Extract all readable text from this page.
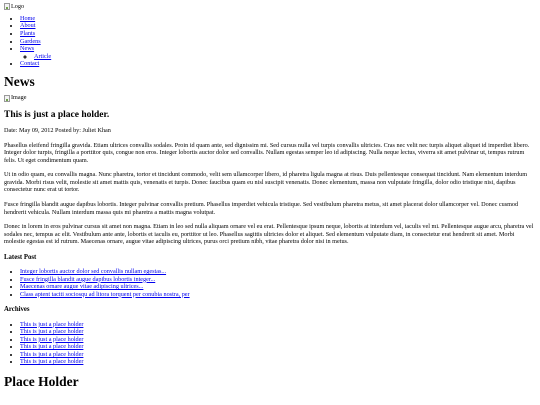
Logo
• Home
• About
• Plants
• Gardens
• News
◦ Article
• Contact
News
Image
This is just a place holder.
Date: May 09, 2012 Posted by: Juliet Khan

Phasellus eleifend fringilla gravida. Etiam ultrices convallis sodales. Proin id quam ante, sed dignissim mi. Sed cursus nulla vel turpis convallis ultricies. Cras nec velit nec turpis aliquet aliquet id imperdiet libero. Integer dolor turpis, fringilla a porttitor quis, congue non eros. Integer lobortis auctor dolor sed convallis. Nullam egestas semper leo id adipiscing. Nulla neque lectus, viverra sit amet pulvinar ut, tempus rutrum felis. Ut eget condimentum quam.

Ut in odio quam, eu convallis magna. Nunc pharetra, tortor et tincidunt commodo, velit sem ullamcorper libero, id pharetra ligula magna at risus. Duis pellentesque consequat tincidunt. Nam elementum interdum gravida. Morbi risus velit, molestie sit amet mattis quis, venenatis et turpis. Donec faucibus quam eu nisl suscipit venenatis. Donec elementum, massa non vulputate fringilla, dolor odio tristique nisi, dapibus consectetur nunc erat ut tortor.

Fusce fringilla blandit augue dapibus lobortis. Integer pulvinar convallis pretium. Phasellus imperdiet vehicula tristique. Sed vestibulum pharetra metus, sit amet placerat dolor ullamcorper vel. Donec cusmod hendrerit vehicula. Nullam interdum massa quis mi pharetra a mattis magna volutpat.

Donec in lorem in eros pulvinar cursus sit amet non magna. Etiam in leo sed nulla aliquam ornare vel eu erat. Pellentesque ipsum neque, lobortis at interdum vel, iaculis vel mi. Pellentesque augue arcu, pharetra vel sodales nec, tempus ac elit. Vestibulum ante ante, lobortis et iaculis eu, porttitor ut leo. Phasellus sagittis ultricies dolor et aliquet. Sed elementum vulputate diam, in consectetur erat hendrerit sit amet. Morbi molestie egestas est id rutrum. Maecenas ornare, augue vitae adipiscing ultrices, purus orci pretium nibh, vitae pharetra dolor nisi in metus.

Latest Post
• Integer lobortis auctor dolor sed convallis nullam egestas...
• Fusce fringilla blandit augue dapibus lobortis integer...
• Maecenas ornare augue vitae adipiscing ultrices...
• Class aptent taciti sociosqu ad litora torquent per conubia nostra, per
Archives
• This is just a place holder
• This is just a place holder
• This is just a place holder
• This is just a place holder
• This is just a place holder
• This is just a place holder
Place Holder
